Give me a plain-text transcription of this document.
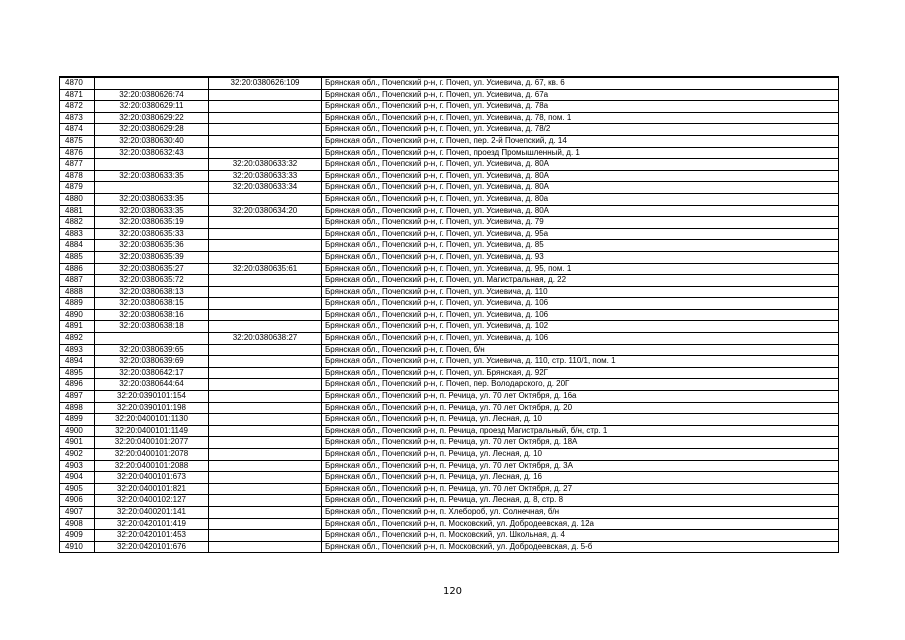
4870		32:20:0380626:109	Брянская обл., Почепский р-н, г. Почеп, ул. Усиевича, д. 67, кв. 6
4871	32:20:0380626:74		Брянская обл., Почепский р-н, г. Почеп, ул. Усиевича, д. 67а
4872	32:20:0380629:11		Брянская обл., Почепский р-н, г. Почеп, ул. Усиевича, д. 78а
4873	32:20:0380629:22		Брянская обл., Почепский р-н, г. Почеп, ул. Усиевича, д. 78, пом. 1
4874	32:20:0380629:28		Брянская обл., Почепский р-н, г. Почеп, ул. Усиевича, д. 78/2
4875	32:20:0380630:40		Брянская обл., Почепский р-н, г. Почеп, пер. 2-й Почепский, д. 14
4876	32:20:0380632:43		Брянская обл., Почепский р-н, г. Почеп, проезд Промышленный, д. 1
4877		32:20:0380633:32	Брянская обл., Почепский р-н, г. Почеп, ул. Усиевича, д. 80А
4878	32:20:0380633:35	32:20:0380633:33	Брянская обл., Почепский р-н, г. Почеп, ул. Усиевича, д. 80А
4879		32:20:0380633:34	Брянская обл., Почепский р-н, г. Почеп, ул. Усиевича, д. 80А
4880	32:20:0380633:35		Брянская обл., Почепский р-н, г. Почеп, ул. Усиевича, д. 80а
4881	32:20:0380633:35	32:20:0380634:20	Брянская обл., Почепский р-н, г. Почеп, ул. Усиевича, д. 80А
4882	32:20:0380635:19		Брянская обл., Почепский р-н, г. Почеп, ул. Усиевича, д. 79
4883	32:20:0380635:33		Брянская обл., Почепский р-н, г. Почеп, ул. Усиевича, д. 95а
4884	32:20:0380635:36		Брянская обл., Почепский р-н, г. Почеп, ул. Усиевича, д. 85
4885	32:20:0380635:39		Брянская обл., Почепский р-н, г. Почеп, ул. Усиевича, д. 93
4886	32:20:0380635:27	32:20:0380635:61	Брянская обл., Почепский р-н, г. Почеп, ул. Усиевича, д. 95, пом. 1
4887	32:20:0380635:72		Брянская обл., Почепский р-н, г. Почеп, ул. Магистральная, д. 22
4888	32:20:0380638:13		Брянская обл., Почепский р-н, г. Почеп, ул. Усиевича, д. 110
4889	32:20:0380638:15		Брянская обл., Почепский р-н, г. Почеп, ул. Усиевича, д. 106
4890	32:20:0380638:16		Брянская обл., Почепский р-н, г. Почеп, ул. Усиевича, д. 106
4891	32:20:0380638:18		Брянская обл., Почепский р-н, г. Почеп, ул. Усиевича, д. 102
4892		32:20:0380638:27	Брянская обл., Почепский р-н, г. Почеп, ул. Усиевича, д. 106
4893	32:20:0380639:65		Брянская обл., Почепский р-н, г. Почеп, б/н
4894	32:20:0380639:69		Брянская обл., Почепский р-н, г. Почеп, ул. Усиевича, д. 110, стр. 110/1, пом. 1
4895	32:20:0380642:17		Брянская обл., Почепский р-н, г. Почеп, ул. Брянская, д. 92Г
4896	32:20:0380644:64		Брянская обл., Почепский р-н, г. Почеп, пер. Володарского, д. 20Г
4897	32:20:0390101:154		Брянская обл., Почепский р-н, п. Речица, ул. 70 лет Октября, д. 16а
4898	32:20:0390101:198		Брянская обл., Почепский р-н, п. Речица, ул. 70 лет Октября, д. 20
4899	32:20:0400101:1130		Брянская обл., Почепский р-н, п. Речица, ул. Лесная, д. 10
4900	32:20:0400101:1149		Брянская обл., Почепский р-н, п. Речица, проезд Магистральный, б/н, стр. 1
4901	32:20:0400101:2077		Брянская обл., Почепский р-н, п. Речица, ул. 70 лет Октября, д. 18А
4902	32:20:0400101:2078		Брянская обл., Почепский р-н, п. Речица, ул. Лесная, д. 10
4903	32:20:0400101:2088		Брянская обл., Почепский р-н, п. Речица, ул. 70 лет Октября, д. 3А
4904	32:20:0400101:673		Брянская обл., Почепский р-н, п. Речица, ул. Лесная, д. 16
4905	32:20:0400101:821		Брянская обл., Почепский р-н, п. Речица, ул. 70 лет Октября, д. 27
4906	32:20:0400102:127		Брянская обл., Почепский р-н, п. Речица, ул. Лесная, д. 8, стр. 8
4907	32:20:0400201:141		Брянская обл., Почепский р-н, п. Хлебороб, ул. Солнечная, б/н
4908	32:20:0420101:419		Брянская обл., Почепский р-н, п. Московский, ул. Добродеевская, д. 12а
4909	32:20:0420101:453		Брянская обл., Почепский р-н, п. Московский, ул. Школьная, д. 4
4910	32:20:0420101:676		Брянская обл., Почепский р-н, п. Московский, ул. Добродеевская, д. 5-б
120
